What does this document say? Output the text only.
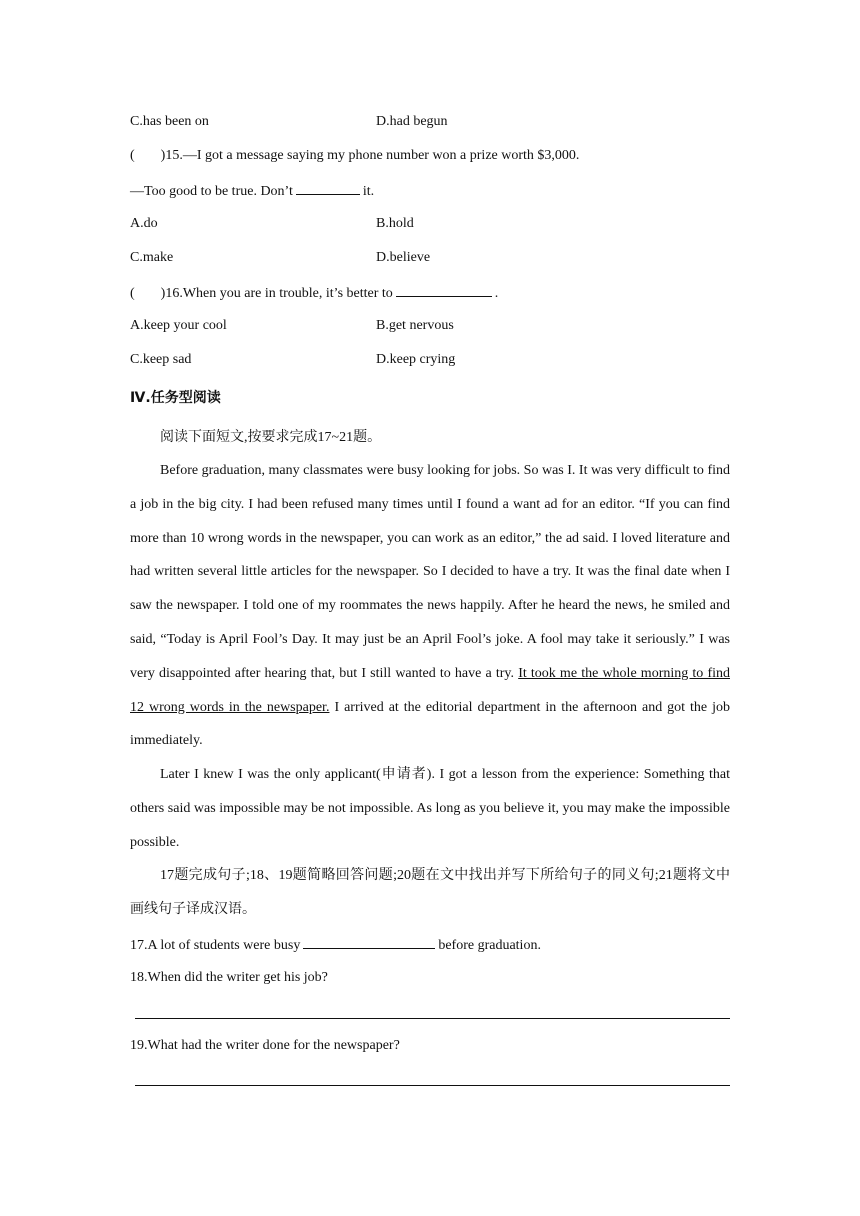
C.has been on	D.had begun
( )15.—I got a message saying my phone number won a prize worth $3,000.
—Too good to be true. Don’t	it.
A.do	B.hold
C.make	D.believe
( )16.When you are in trouble, it’s better to	.
A.keep your cool	B.get nervous
C.keep sad	D.keep crying
Ⅳ.任务型阅读
阅读下面短文,按要求完成17~21题。

Before graduation, many classmates were busy looking for jobs. So was I. It was very difficult to find a job in the big city. I had been refused many times until I found a want ad for an editor. “If you can find more than 10 wrong words in the newspaper, you can work as an editor,” the ad said. I loved literature and had written several little articles for the newspaper. So I decided to have a try. It was the final date when I saw the newspaper. I told one of my roommates the news happily. After he heard the news, he smiled and said, “Today is April Fool’s Day. It may just be an April Fool’s joke. A fool may take it seriously.” I was very disappointed after hearing that, but I still wanted to have a try. It took me the whole morning to find 12 wrong words in the newspaper. I arrived at the editorial department in the afternoon and got the job immediately.

Later I knew I was the only applicant(申请者). I got a lesson from the experience: Something that others said was impossible may be not impossible. As long as you believe it, you may make the impossible possible.

17题完成句子;18、19题简略回答问题;20题在文中找出并写下所给句子的同义句;21题将文中画线句子译成汉语。

17.A lot of students were busy	before graduation.
18.When did the writer get his job?
19.What had the writer done for the newspaper?
